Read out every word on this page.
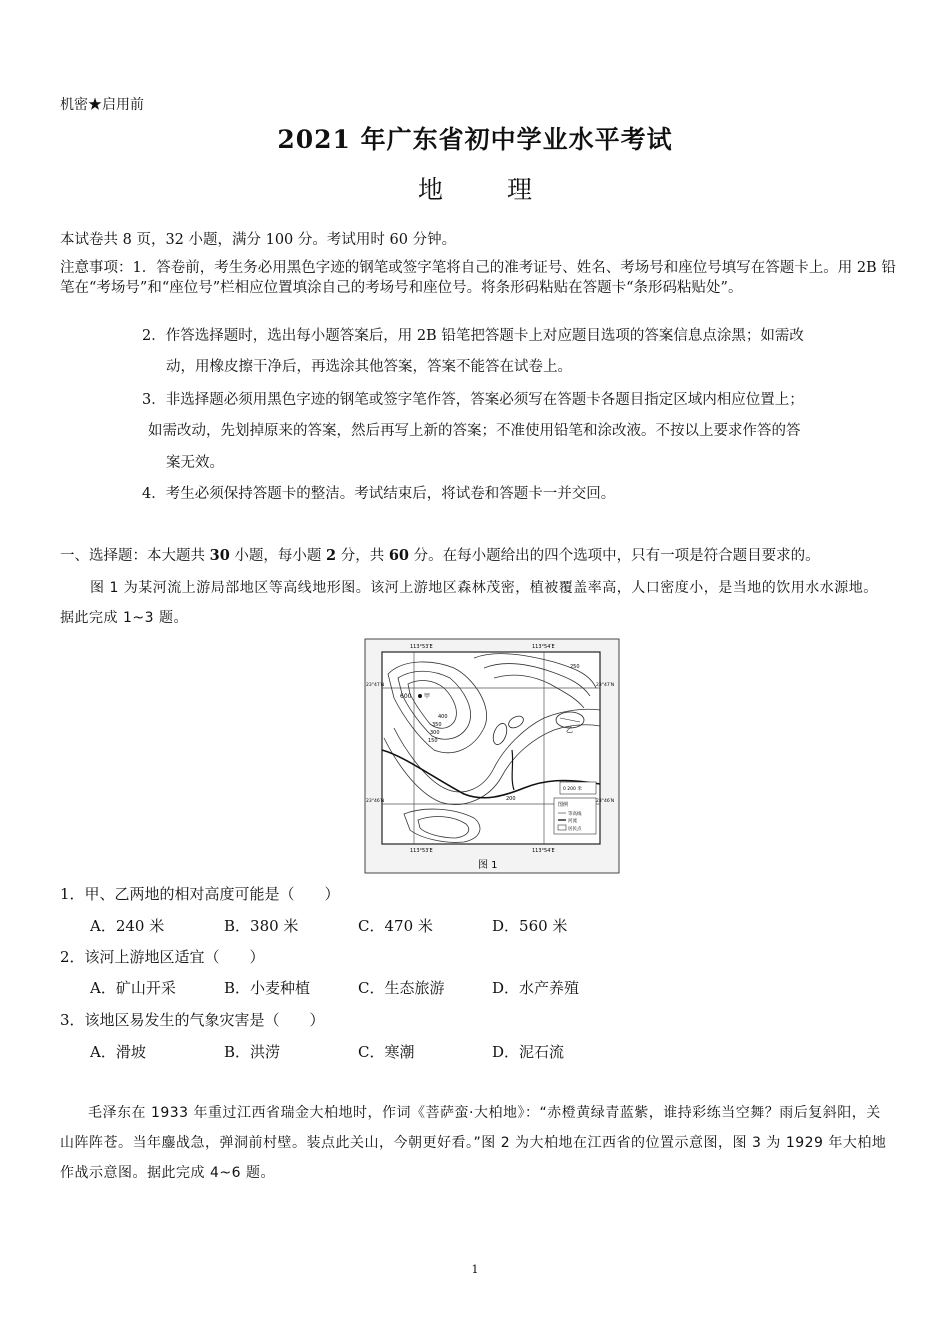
机密★启用前
2021 年广东省初中学业水平考试
地 理
本试卷共 8 页，32 小题，满分 100 分。考试用时 60 分钟。
注意事项：1．答卷前，考生务必用黑色字迹的钢笔或签字笔将自己的准考证号、姓名、考场号和座位号填写在答题卡上。用 2B 铅笔在“考场号”和“座位号”栏相应位置填涂自己的考场号和座位号。将条形码粘贴在答题卡“条形码粘贴处”。
2．作答选择题时，选出每小题答案后，用 2B 铅笔把答题卡上对应题目选项的答案信息点涂黑；如需改
动，用橡皮擦干净后，再选涂其他答案，答案不能答在试卷上。
3．非选择题必须用黑色字迹的钢笔或签字笔作答，答案必须写在答题卡各题目指定区域内相应位置上；
如需改动，先划掉原来的答案，然后再写上新的答案；不准使用铅笔和涂改液。不按以上要求作答的答
案无效。
4．考生必须保持答题卡的整洁。考试结束后，将试卷和答题卡一并交回。
一、选择题：本大题共 30 小题，每小题 2 分，共 60 分。在每小题给出的四个选项中，只有一项是符合题目要求的。
图 1 为某河流上游局部地区等高线地形图。该河上游地区森林茂密，植被覆盖率高，人口密度小，是当地的饮用水水源地。据此完成 1~3 题。
600 甲
乙
400
350
300
250
150
200
113°53′E	113°54′E
113°53′E	113°54′E
23°47′N	23°47′N
23°46′N	23°46′N
0 200 米
图例
等高线
河流
居民点
图 1
1．甲、乙两地的相对高度可能是（　　）
A．240 米	B．380 米	C．470 米	D．560 米
2．该河上游地区适宜（　　）
A．矿山开采	B．小麦种植	C．生态旅游	D．水产养殖
3．该地区易发生的气象灾害是（　　）
A．滑坡	B．洪涝	C．寒潮	D．泥石流
毛泽东在 1933 年重过江西省瑞金大柏地时，作词《菩萨蛮·大柏地》：“赤橙黄绿青蓝紫，谁持彩练当空舞？雨后复斜阳，关山阵阵苍。当年鏖战急，弹洞前村壁。装点此关山，今朝更好看。”图 2 为大柏地在江西省的位置示意图，图 3 为 1929 年大柏地作战示意图。据此完成 4~6 题。
1
